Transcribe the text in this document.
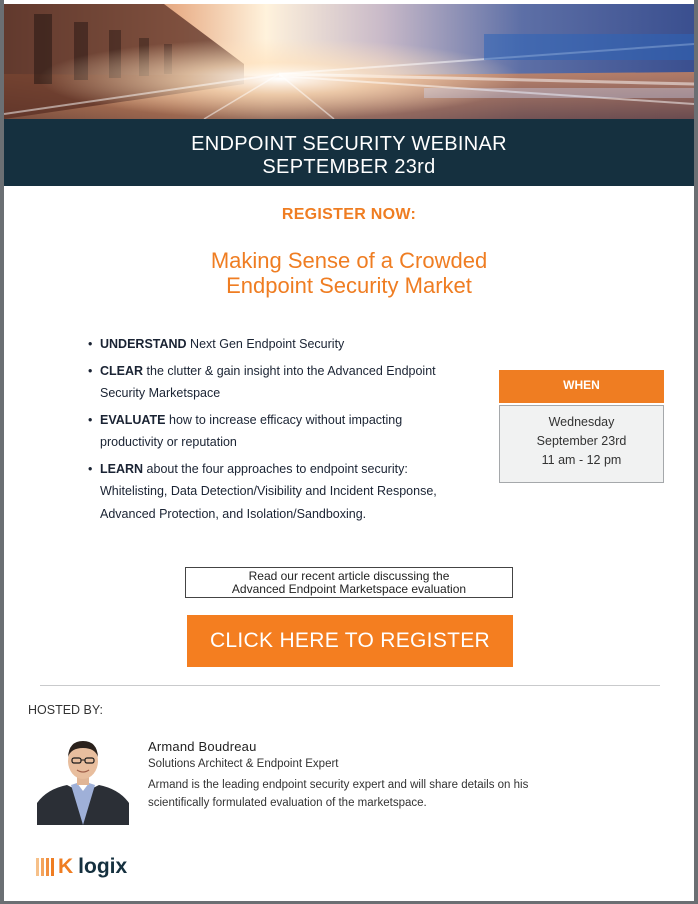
ENDPOINT SECURITY WEBINAR
SEPTEMBER 23rd
REGISTER NOW:
Making Sense of a Crowded
Endpoint Security Market
• UNDERSTAND Next Gen Endpoint Security
• CLEAR the clutter & gain insight into the Advanced Endpoint Security Marketspace
• EVALUATE how to increase efficacy without impacting productivity or reputation
• LEARN about the four approaches to endpoint security: Whitelisting, Data Detection/Visibility and Incident Response, Advanced Protection, and Isolation/Sandboxing.
WHEN
Wednesday
September 23rd
11 am - 12 pm
Read our recent article discussing the
Advanced Endpoint Marketspace evaluation
CLICK HERE TO REGISTER
HOSTED BY:
Armand Boudreau
Solutions Architect & Endpoint Expert
Armand is the leading endpoint security expert and will share details on his scientifically formulated evaluation of the marketspace.
K logix
